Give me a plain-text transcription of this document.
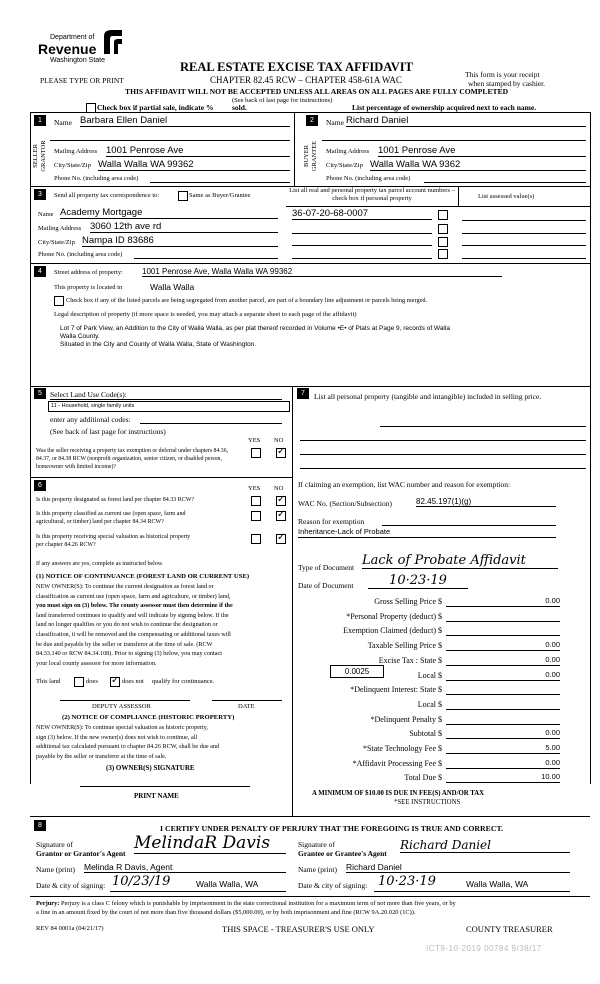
Department of
Revenue
Washington State
PLEASE TYPE OR PRINT
REAL ESTATE EXCISE TAX AFFIDAVIT
CHAPTER 82.45 RCW – CHAPTER 458-61A WAC
THIS AFFIDAVIT WILL NOT BE ACCEPTED UNLESS ALL AREAS ON ALL PAGES ARE FULLY COMPLETED
(See back of last page for instructions)
This form is your receipt
when stamped by cashier.
Check box if partial sale, indicate % sold.	List percentage of ownership acquired next to each name.
1	Name Barbara Ellen Daniel
SELLER GRANTOR Mailing Address 1001 Penrose Ave
City/State/Zip Walla Walla WA 99362
Phone No. (including area code)
2	Name Richard Daniel
BUYER GRANTEE Mailing Address 1001 Penrose Ave
City/State/Zip Walla Walla WA 9362
Phone No. (including area code)
3	Send all property tax correspondence to:	Same as Buyer/Grantee
List all real and personal property tax parcel account numbers – check box if personal property	List assessed value(s)
Name Academy Mortgage
Mailing Address 3060 12th ave rd
City/State/Zip Nampa ID 83686
Phone No. (including area code)
36-07-20-68-0007
4	Street address of property: 1001 Penrose Ave, Walla Walla WA 99362
This property is located in	Walla Walla
Check box if any of the listed parcels are being segregated from another parcel, are part of a boundary line adjustment or parcels being merged.
Legal description of property (if more space is needed, you may attach a separate sheet to each page of the affidavit)
Lot 7 of Park View, an Addition to the City of Walla Walla, as per plat thereof recorded in Volume •E• of Plats at Page 9, records of Walla
Walla County.
Situated in the City and County of Walla Walla, State of Washington.
5	Select Land Use Code(s):
11 - Household, single family units
enter any additional codes:
(See back of last page for instructions)
YES NO
Was the seller receiving a property tax exemption or deferral under chapters 84.36, 84.37, or 84.38 RCW (nonprofit organization, senior citizen, or disabled person, homeowner with limited income)?
✓
7	List all personal property (tangible and intangible) included in selling price.
6	YES NO
Is this property designated as forest land per chapter 84.33 RCW?
✓
Is this property classified as current use (open space, farm and
agricultural, or timber) land per chapter 84.34 RCW?
✓
Is this property receiving special valuation as historical property
per chapter 84.26 RCW?
✓
If any answers are yes, complete as instructed below.
(1) NOTICE OF CONTINUANCE (FOREST LAND OR CURRENT USE)
NEW OWNER(S): To continue the current designation as forest land or
classification as current use (open space, farm and agriculture, or timber) land,
you must sign on (3) below. The county assessor must then determine if the
land transferred continues to qualify and will indicate by signing below. If the
land no longer qualifies or you do not wish to continue the designation or
classification, it will be removed and the compensating or additional taxes will
be due and payable by the seller or transferor at the time of sale. (RCW
84.33.140 or RCW 84.34.108). Prior to signing (3) below, you may contact
your local county assessor for more information.
This land	does
✓	does not qualify for continuance.
DEPUTY ASSESSOR	DATE
(2) NOTICE OF COMPLIANCE (HISTORIC PROPERTY)
NEW OWNER(S): To continue special valuation as historic property,
sign (3) below. If the new owner(s) does not wish to continue, all
additional tax calculated pursuant to chapter 84.26 RCW, shall be due and
payable by the seller or transferor at the time of sale.
(3) OWNER(S) SIGNATURE
PRINT NAME
If claiming an exemption, list WAC number and reason for exemption:
WAC No. (Section/Subsection)	82.45.197(1)(g)
Reason for exemption
Inheritance-Lack of Probate
Type of Document Lack of Probate Affidavit
Date of Document	10·23·19
Gross Selling Price $	0.00
*Personal Property (deduct) $
Exemption Claimed (deduct) $
Taxable Selling Price $	0.00
Excise Tax : State $	0.00
Local $	0.00
*Delinquent Interest: State $
Local $
*Delinquent Penalty $
Subtotal $	0.00
*State Technology Fee $	5.00
*Affidavit Processing Fee $	0.00
Total Due $	10.00
0.0025
A MINIMUM OF $10.00 IS DUE IN FEE(S) AND/OR TAX
*SEE INSTRUCTIONS
8	I CERTIFY UNDER PENALTY OF PERJURY THAT THE FOREGOING IS TRUE AND CORRECT.
Signature of
Grantor or Grantor's Agent
MelindaR Davis
Name (print) Melinda R Davis, Agent
Date & city of signing: 10/23/19	Walla Walla, WA
Signature of
Grantee or Grantee's Agent
Richard Daniel
Name (print) Richard Daniel
Date & city of signing: 10·23·19	Walla Walla, WA
Perjury: Perjury is a class C felony which is punishable by imprisonment in the state correctional institution for a maximum term of not more than five years, or by
a fine in an amount fixed by the court of not more than five thousand dollars ($5,000.00), or by both imprisonment and fine (RCW 9A.20.020 (1C)).
REV 84 0001a (04/21/17)	THIS SPACE - TREASURER'S USE ONLY	COUNTY TREASURER
ICT9-10-2019 00784 9/38/17
